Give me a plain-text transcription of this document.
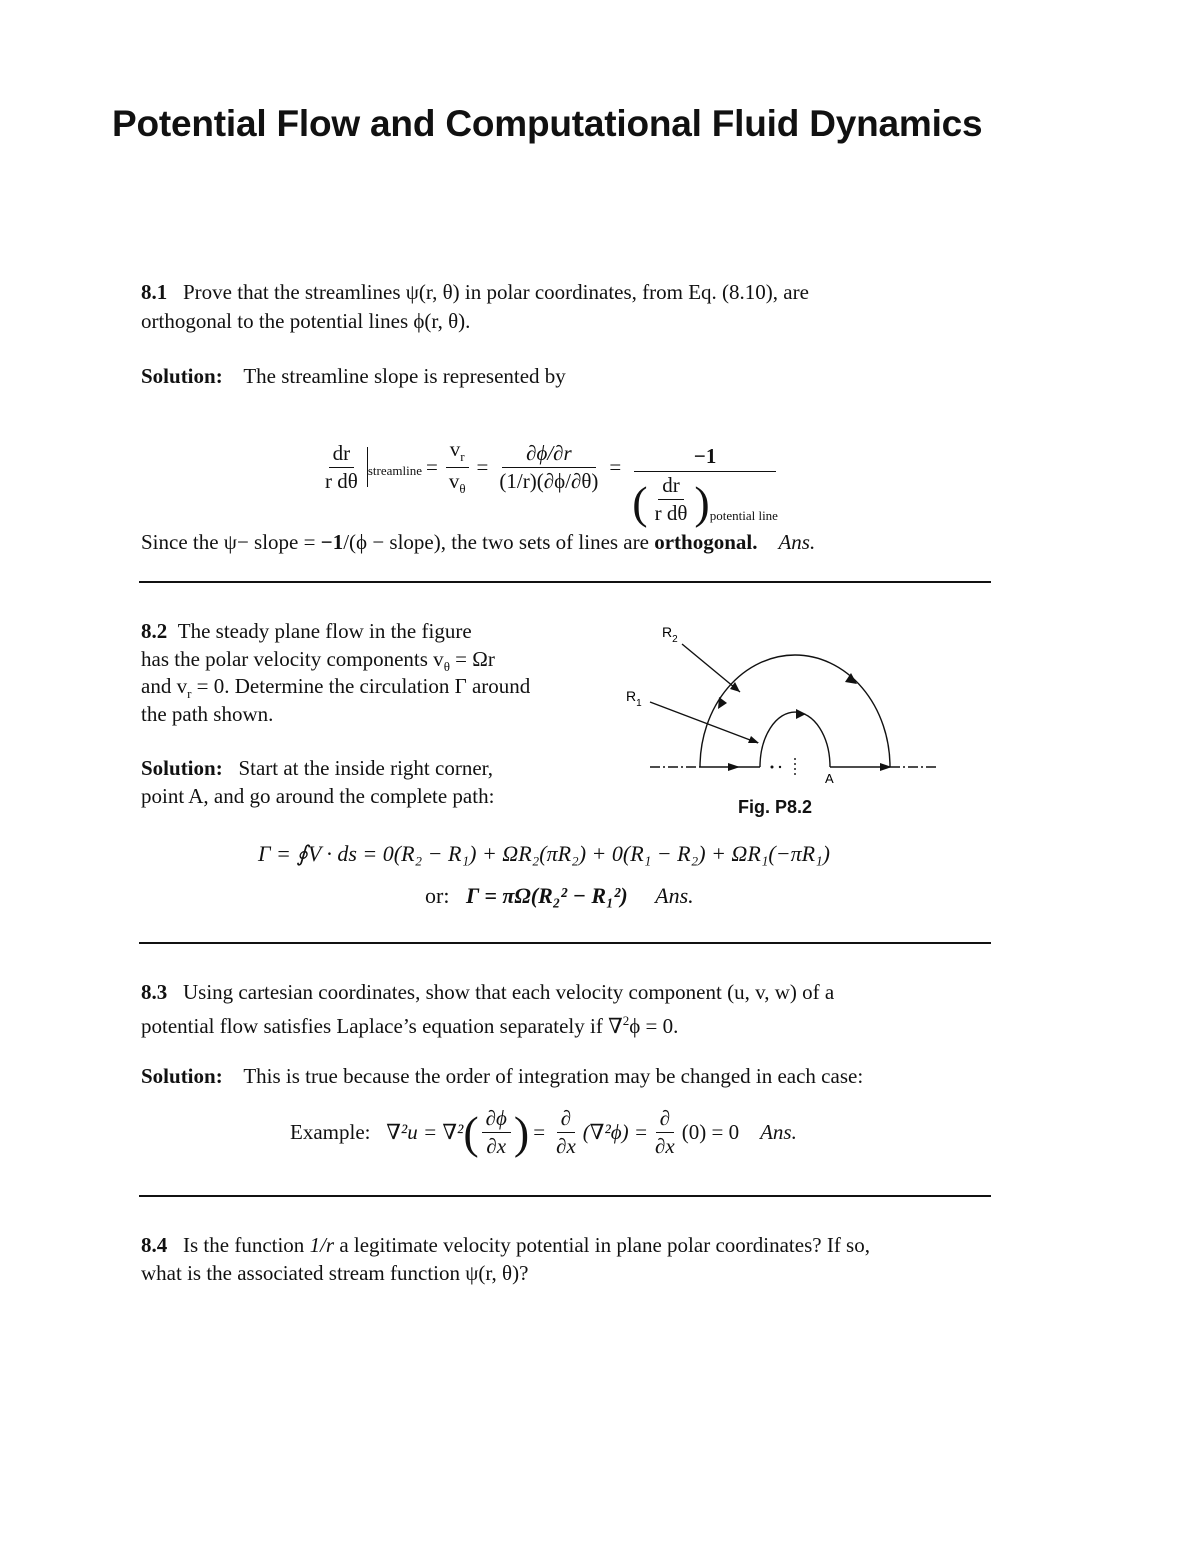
Potential Flow and Computational Fluid Dynamics
8.1 Prove that the streamlines ψ(r, θ) in polar coordinates, from Eq. (8.10), are
orthogonal to the potential lines ϕ(r, θ).
Solution: The streamline slope is represented by
$\frac{dr}{\text{r dθ}}$ streamline = $\frac{v_r}{v_\theta} = \frac{\partial\phi/\partial r}{(1/r)(\partial\phi/\partial\theta)}$ =	−1
( $\frac{dr}{\text{r dθ}}$ ) potential line
Since the ψ− slope = −1/(ϕ − slope), the two sets of lines are orthogonal. Ans.
8.2 The steady plane flow in the figure
has the polar velocity components $v_\theta = \Omega r$
and $v_r = 0$. Determine the circulation Γ around
the path shown.
Solution: Start at the inside right corner,
point A, and go around the complete path:
$R_2$
$R_1$
A
Fig. P8.2
Γ = ∮V · ds = 0(R₂ − R₁) + ΩR₂(πR₂) + 0(R₁ − R₂) + ΩR₁(−πR₁)
or: Γ = πΩ(R₂² − R₁²) Ans.
8.3 Using cartesian coordinates, show that each velocity component (u, v, w) of a
potential flow satisfies Laplace’s equation separately if ∇$^2$ϕ = 0.
Solution: This is true because the order of integration may be changed in each case:
Example:
∇²u = ∇² ( $\frac{\partial\phi}{\partial x}$ ) = $\frac{\partial}{\partial x} (\nabla^2\phi) = \frac{\partial}{\partial x} (0) = 0$
Ans.
8.4 Is the function 1/r a legitimate velocity potential in plane polar coordinates? If so,
what is the associated stream function ψ(r, θ)?
